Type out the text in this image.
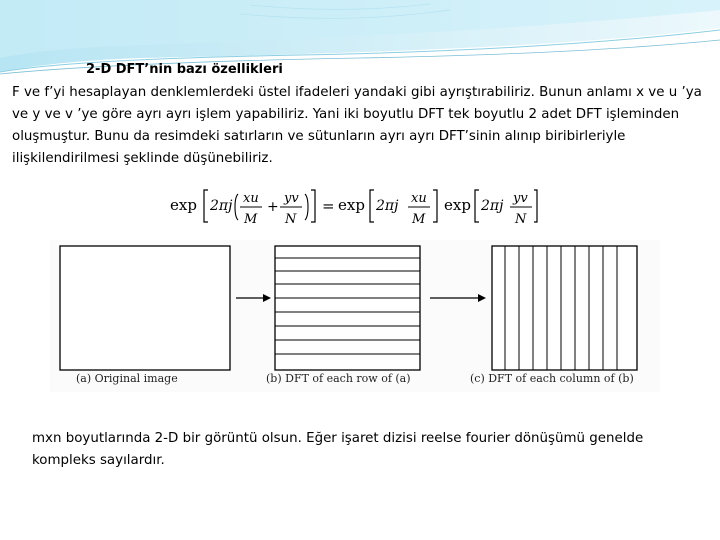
2-D DFT’nin bazı özellikleri
F ve f’yi hesaplayan denklemlerdeki üstel ifadeleri yandaki gibi ayrıştırabiliriz. Bunun anlamı x ve u ’ya ve y ve v ’ye göre ayrı ayrı işlem yapabiliriz. Yani iki boyutlu DFT tek boyutlu 2 adet DFT işleminden oluşmuştur. Bunu da resimdeki satırların ve sütunların ayrı ayrı DFT’sinin alınıp biribirleriyle ilişkilendirilmesi şeklinde düşünebiliriz.
exp 2πj xu
M
+
yv
N
= exp 2πj xu
M
exp 2πj yv
N
(a) Original image	(b) DFT of each row of (a)	(c) DFT of each column of (b)
mxn boyutlarında 2-D bir görüntü olsun. Eğer işaret dizisi reelse fourier dönüşümü genelde kompleks sayılardır.
